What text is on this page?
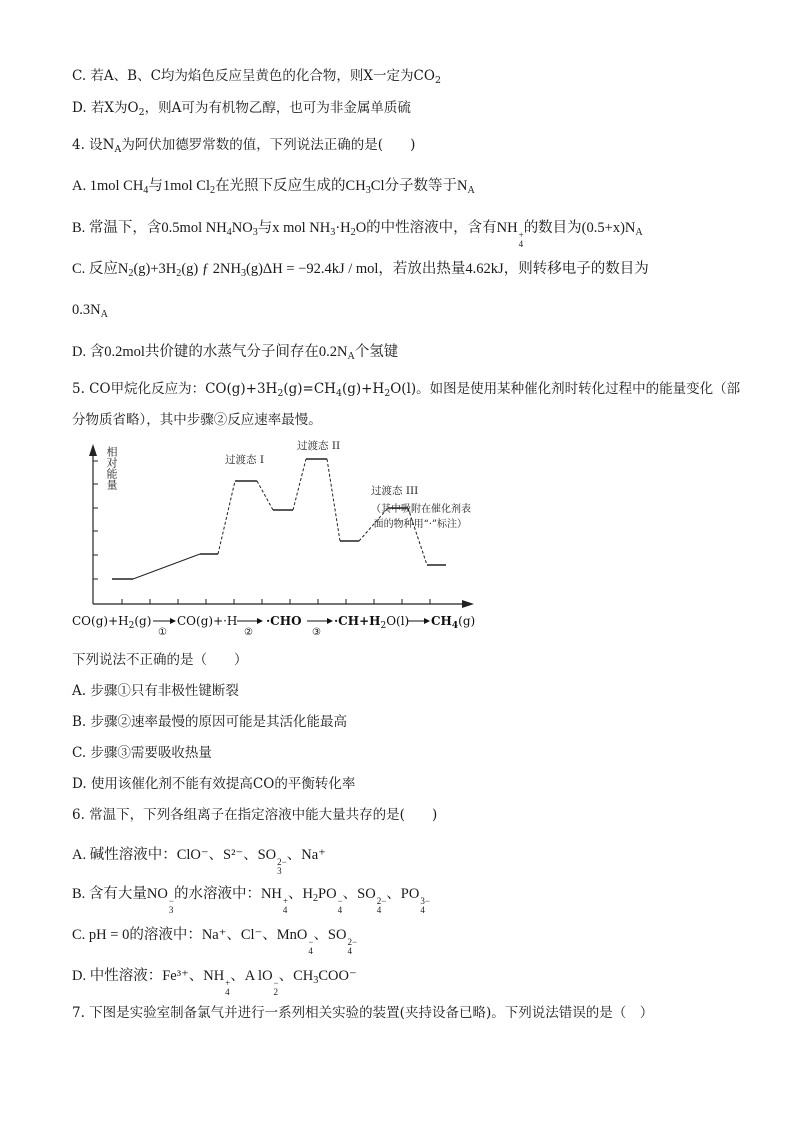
C. 若A、B、C均为焰色反应呈黄色的化合物，则X一定为$CO_2$
D. 若X为$O_2$，则A可为有机物乙醇，也可为非金属单质硫
4. 设$N_A$为阿伏加德罗常数的值，下列说法正确的是(　　)
A. 1mol $CH_4$与1mol $Cl_2$在光照下反应生成的$CH_3Cl$分子数等于$N_A$
B. 常温下，含0.5mol $NH_4NO_3$与x mol $NH_3\cdot H_2O$的中性溶液中，含有NH +
4
的数目为$(0.5+x)N_A$
C. 反应$N_2(g)+3H_2(g)$ ƒ $2NH_3(g)\Delta H = -92.4kJ$ / mol，若放出热量4.62kJ，则转移电子的数目为
$0.3N_A$
D. 含0.2mol共价键的水蒸气分子间存在$0.2N_A$个氢键
5. CO甲烷化反应为：$CO(g)+3H_2(g)=CH_4(g)+H_2O(l)$。如图是使用某种催化剂时转化过程中的能量变化（部
分物质省略），其中步骤②反应速率最慢。
相对能量
过渡态 I
过渡态 II
过渡态 III
（其中吸附在催化剂表
面的物种用“·”标注）
$CO(g)+H_2(g)$
①
CO(g)+·H
②
·CHO
③
$\cdot CH+H_2O(l)$ $CH_4(g)$
下列说法不正确的是（　　）
A. 步骤①只有非极性键断裂
B. 步骤②速率最慢的原因可能是其活化能最高
C. 步骤③需要吸收热量
D. 使用该催化剂不能有效提高CO的平衡转化率
6. 常温下，下列各组离子在指定溶液中能大量共存的是(　　)
A. 碱性溶液中：ClO⁻、S²⁻、SO 2−
3
、Na⁺
B. 含有大量NO −
3
的水溶液中：NH +
4
、$H_2PO$ −
4
、SO 2−
4
、PO 3−
4
C. pH = 0的溶液中：Na⁺、Cl⁻、MnO −
4
、SO 2−
4
D. 中性溶液：Fe³⁺、NH +
4
、A lO −
2
、$CH_3COO^-$
7. 下图是实验室制备氯气并进行一系列相关实验的装置(夹持设备已略)。下列说法错误的是（　）
